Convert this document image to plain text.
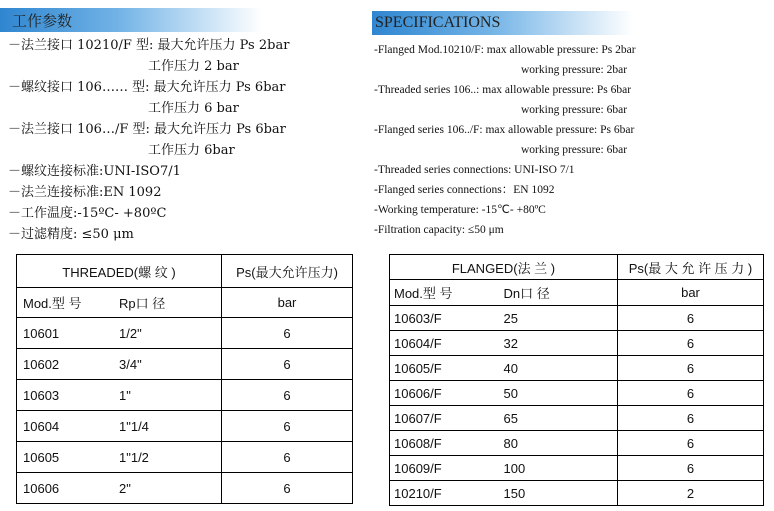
工作参数	SPECIFICATIONS
－法兰接口 10210/F 型: 最大允许压力 Ps 2bar
工作压力 2 bar
－螺纹接口 106…… 型: 最大允许压力 Ps 6bar
工作压力 6 bar
－法兰接口 106…/F 型: 最大允许压力 Ps 6bar
工作压力 6bar
－螺纹连接标准:UNI-ISO7/1
－法兰连接标准:EN 1092
－工作温度:-15ºC- +80ºC
－过滤精度: ≤50 μm
-Flanged Mod.10210/F: max allowable pressure: Ps 2bar
working pressure: 2bar
-Threaded series 106..: max allowable pressure: Ps 6bar
working pressure: 6bar
-Flanged series 106../F: max allowable pressure: Ps 6bar
working pressure: 6bar
-Threaded series connections: UNI-ISO 7/1
-Flanged series connections：EN 1092
-Working temperature: -15℃- +80ºC
-Filtration capacity: ≤50 μm
THREADED(螺 纹 )		Ps(最大允许压力)
Mod.型 号	Rp口 径	bar
10601	1/2"	6
10602	3/4"	6
10603	1"	6
10604	1"1/4	6
10605	1"1/2	6
10606	2"	6
FLANGED(法 兰 )		Ps(最 大 允 许 压 力 )
Mod.型 号	Dn口 径	bar
10603/F	25	6
10604/F	32	6
10605/F	40	6
10606/F	50	6
10607/F	65	6
10608/F	80	6
10609/F	100	6
10210/F	150	2
